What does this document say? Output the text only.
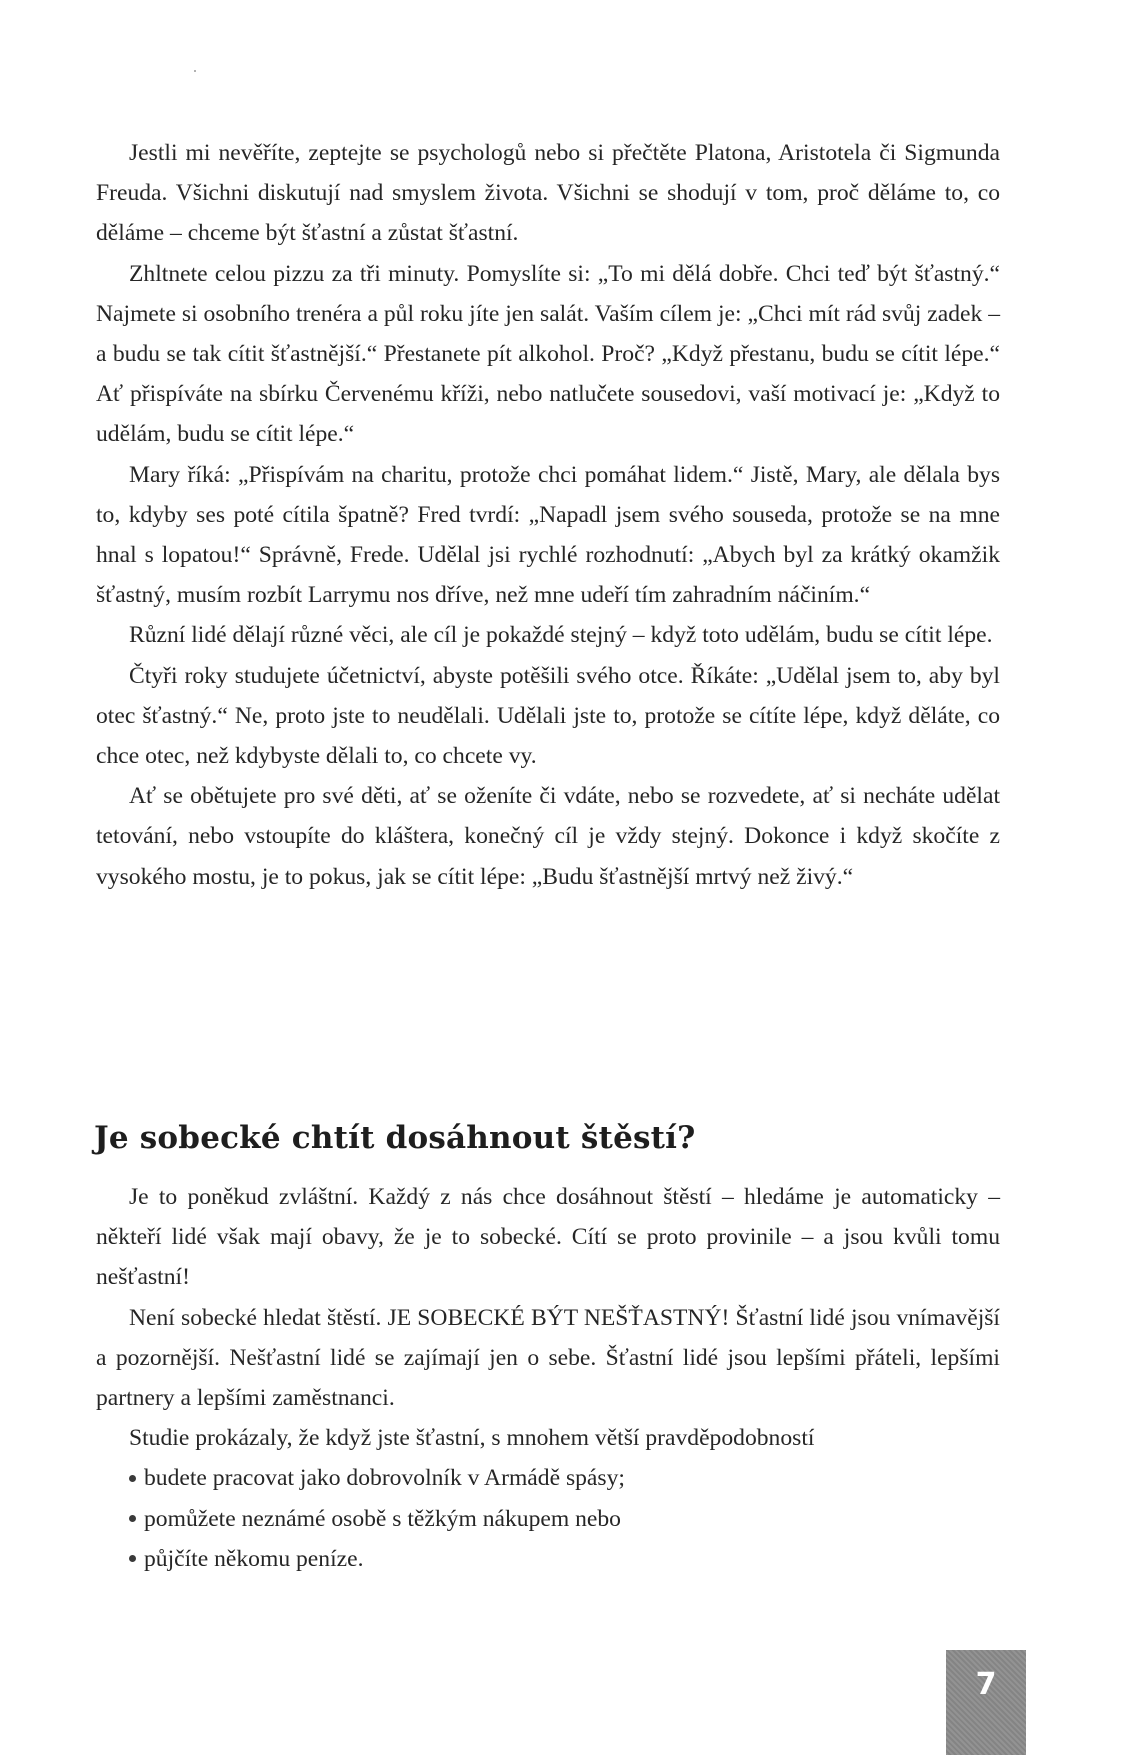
Jestli mi nevěříte, zeptejte se psychologů nebo si přečtěte Platona, Aristotela či Sigmunda Freuda. Všichni diskutují nad smyslem života. Všichni se shodují v tom, proč děláme to, co děláme – chceme být šťastní a zůstat šťastní.

Zhltnete celou pizzu za tři minuty. Pomyslíte si: „To mi dělá dobře. Chci teď být šťastný.“ Najmete si osobního trenéra a půl roku jíte jen salát. Vaším cílem je: „Chci mít rád svůj zadek – a budu se tak cítit šťastnější.“ Přestanete pít alkohol. Proč? „Když přestanu, budu se cítit lépe.“ Ať přispíváte na sbírku Červenému kříži, nebo natlučete sousedovi, vaší motivací je: „Když to udělám, budu se cítit lépe.“

Mary říká: „Přispívám na charitu, protože chci pomáhat lidem.“ Jistě, Mary, ale dělala bys to, kdyby ses poté cítila špatně? Fred tvrdí: „Napadl jsem svého souseda, protože se na mne hnal s lopatou!“ Správně, Frede. Udělal jsi rychlé rozhodnutí: „Abych byl za krátký okamžik šťastný, musím rozbít Larrymu nos dříve, než mne udeří tím zahradním náčiním.“

Různí lidé dělají různé věci, ale cíl je pokaždé stejný – když toto udělám, budu se cítit lépe.

Čtyři roky studujete účetnictví, abyste potěšili svého otce. Říkáte: „Udělal jsem to, aby byl otec šťastný.“ Ne, proto jste to neudělali. Udělali jste to, protože se cítíte lépe, když děláte, co chce otec, než kdybyste dělali to, co chcete vy.

Ať se obětujete pro své děti, ať se oženíte či vdáte, nebo se rozvedete, ať si necháte udělat tetování, nebo vstoupíte do kláštera, konečný cíl je vždy stejný. Dokonce i když skočíte z vysokého mostu, je to pokus, jak se cítit lépe: „Budu šťastnější mrtvý než živý.“

Je sobecké chtít dosáhnout štěstí?

Je to poněkud zvláštní. Každý z nás chce dosáhnout štěstí – hledáme je automaticky – někteří lidé však mají obavy, že je to sobecké. Cítí se proto provinile – a jsou kvůli tomu nešťastní!

Není sobecké hledat štěstí. JE SOBECKÉ BÝT NEŠŤASTNÝ! Šťastní lidé jsou vnímavější a pozornější. Nešťastní lidé se zajímají jen o sebe. Šťastní lidé jsou lepšími přáteli, lepšími partnery a lepšími zaměstnanci.

Studie prokázaly, že když jste šťastní, s mnohem větší pravděpodobností

budete pracovat jako dobrovolník v Armádě spásy;
pomůžete neznámé osobě s těžkým nákupem nebo
půjčíte někomu peníze.
7
